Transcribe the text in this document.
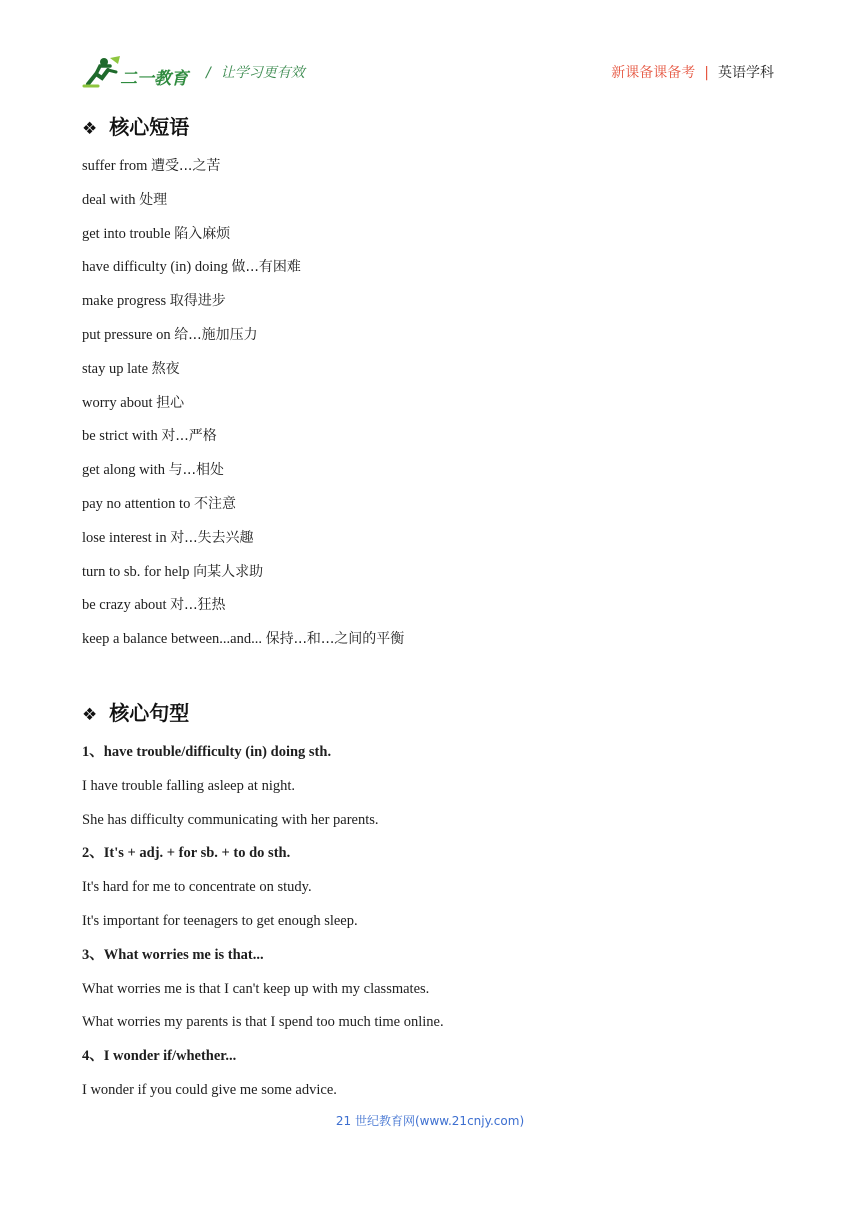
二一教育 / 让学习更有效	新课备课备考 | 英语学科
❖ 核心短语
suffer from 遭受...之苦
deal with 处理
get into trouble 陷入麻烦
have difficulty (in) doing 做...有困难
make progress 取得进步
put pressure on 给...施加压力
stay up late 熬夜
worry about 担心
be strict with 对...严格
get along with 与...相处
pay no attention to 不注意
lose interest in 对...失去兴趣
turn to sb. for help 向某人求助
be crazy about 对...狂热
keep a balance between...and... 保持...和...之间的平衡
❖ 核心句型
1、have trouble/difficulty (in) doing sth.
I have trouble falling asleep at night.
She has difficulty communicating with her parents.
2、It's + adj. + for sb. + to do sth.
It's hard for me to concentrate on study.
It's important for teenagers to get enough sleep.
3、What worries me is that...
What worries me is that I can't keep up with my classmates.
What worries my parents is that I spend too much time online.
4、I wonder if/whether...
I wonder if you could give me some advice.
21 世纪教育网(www.21cnjy.com)
